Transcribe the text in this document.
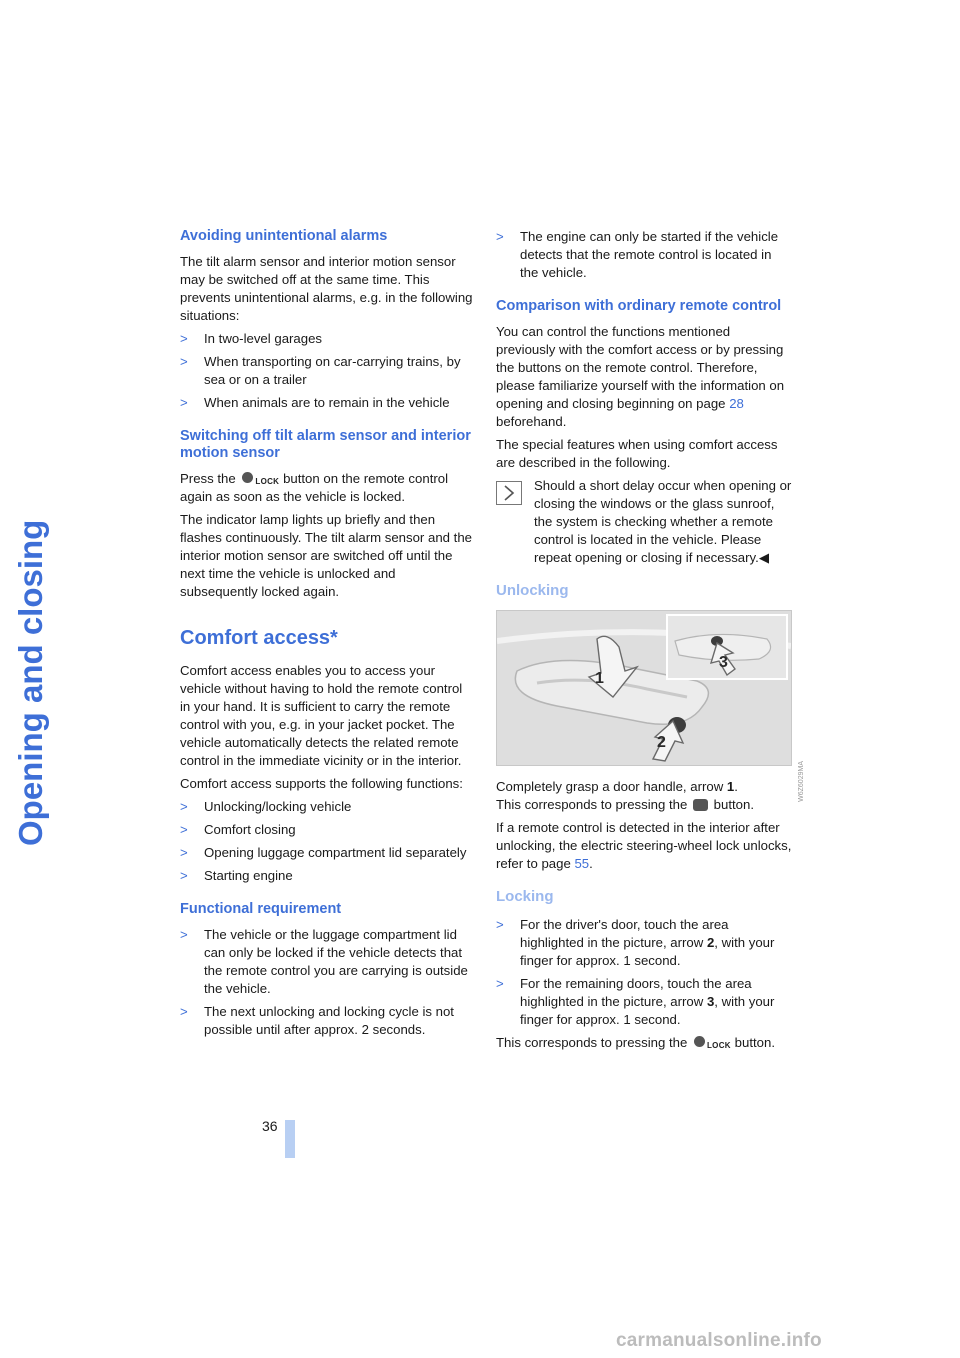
Opening and closing
Avoiding unintentional alarms

The tilt alarm sensor and interior motion sensor may be switched off at the same time. This prevents unintentional alarms, e.g. in the following situations:

> In two-level garages
> When transporting on car-carrying trains, by sea or on a trailer
> When animals are to remain in the vehicle
Switching off tilt alarm sensor and interior motion sensor

Press the LOCK button on the remote control again as soon as the vehicle is locked.

The indicator lamp lights up briefly and then flashes continuously. The tilt alarm sensor and the interior motion sensor are switched off until the next time the vehicle is unlocked and subsequently locked again.

Comfort access*

Comfort access enables you to access your vehicle without having to hold the remote control in your hand. It is sufficient to carry the remote control with you, e.g. in your jacket pocket. The vehicle automatically detects the related remote control in the immediate vicinity or in the interior.

Comfort access supports the following functions:

> Unlocking/locking vehicle
> Comfort closing
> Opening luggage compartment lid separately
> Starting engine
Functional requirement
> The vehicle or the luggage compartment lid can only be locked if the vehicle detects that the remote control you are carrying is outside the vehicle.
> The next unlocking and locking cycle is not possible until after approx. 2 seconds.
> The engine can only be started if the vehicle detects that the remote control is located in the vehicle.
Comparison with ordinary remote control

You can control the functions mentioned previously with the comfort access or by pressing the buttons on the remote control. Therefore, please familiarize yourself with the information on opening and closing beginning on page 28 beforehand.

The special features when using comfort access are described in the following.

Should a short delay occur when opening or closing the windows or the glass sunroof, the system is checking whether a remote control is located in the vehicle. Please repeat opening or closing if necessary.◀

Unlocking
1
2
3
W6Z6029MA

Completely grasp a door handle, arrow 1.
This corresponds to pressing the button.

If a remote control is detected in the interior after unlocking, the electric steering-wheel lock unlocks, refer to page 55.

Locking
> For the driver's door, touch the area highlighted in the picture, arrow 2, with your finger for approx. 1 second.
> For the remaining doors, touch the area highlighted in the picture, arrow 3, with your finger for approx. 1 second.

This corresponds to pressing the LOCK button.

36
carmanualsonline.info
